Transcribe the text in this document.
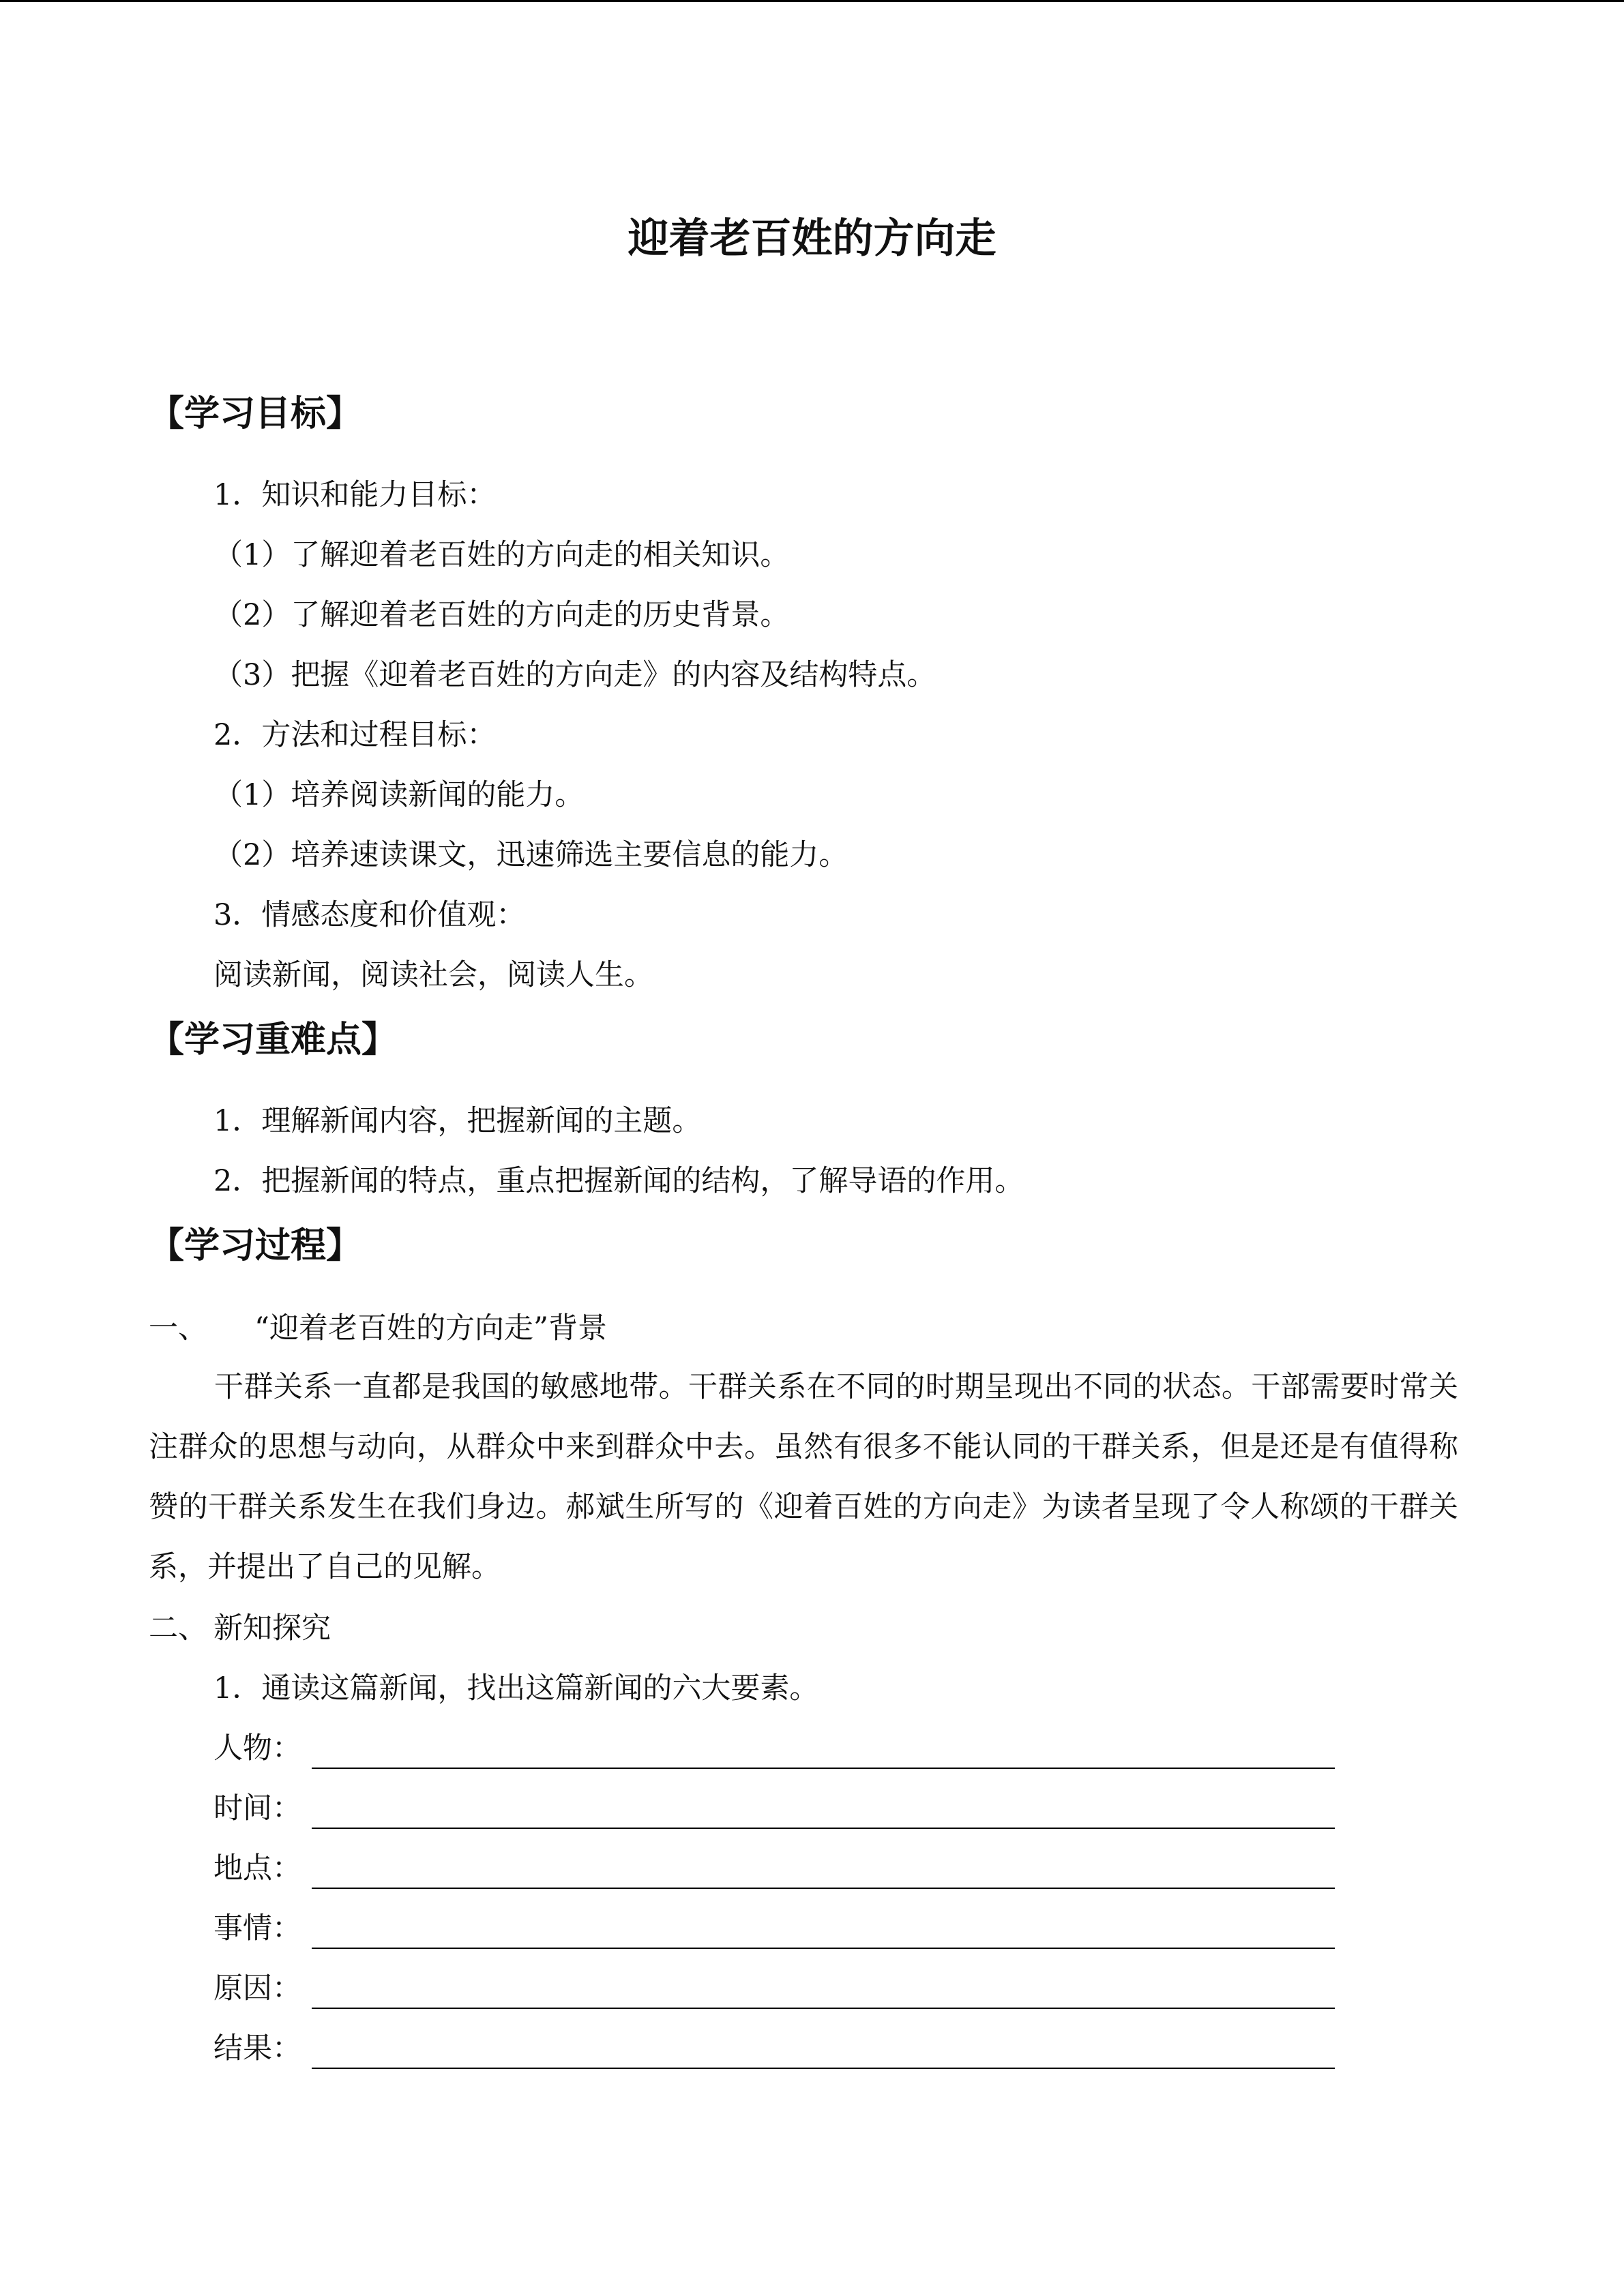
迎着老百姓的方向走
【学习目标】
1．知识和能力目标：
（1）了解迎着老百姓的方向走的相关知识。
（2）了解迎着老百姓的方向走的历史背景。
（3）把握《迎着老百姓的方向走》的内容及结构特点。
2．方法和过程目标：
（1）培养阅读新闻的能力。
（2）培养速读课文，迅速筛选主要信息的能力。
3．情感态度和价值观：
阅读新闻，阅读社会，阅读人生。
【学习重难点】
1．理解新闻内容，把握新闻的主题。
2．把握新闻的特点，重点把握新闻的结构，了解导语的作用。
【学习过程】
一、 “迎着老百姓的方向走”背景
干群关系一直都是我国的敏感地带。干群关系在不同的时期呈现出不同的状态。干部需要时常关注群众的思想与动向，从群众中来到群众中去。虽然有很多不能认同的干群关系，但是还是有值得称赞的干群关系发生在我们身边。郝斌生所写的《迎着百姓的方向走》为读者呈现了令人称颂的干群关系，并提出了自己的见解。
二、 新知探究
1．通读这篇新闻，找出这篇新闻的六大要素。
人物：
时间：
地点：
事情：
原因：
结果：
